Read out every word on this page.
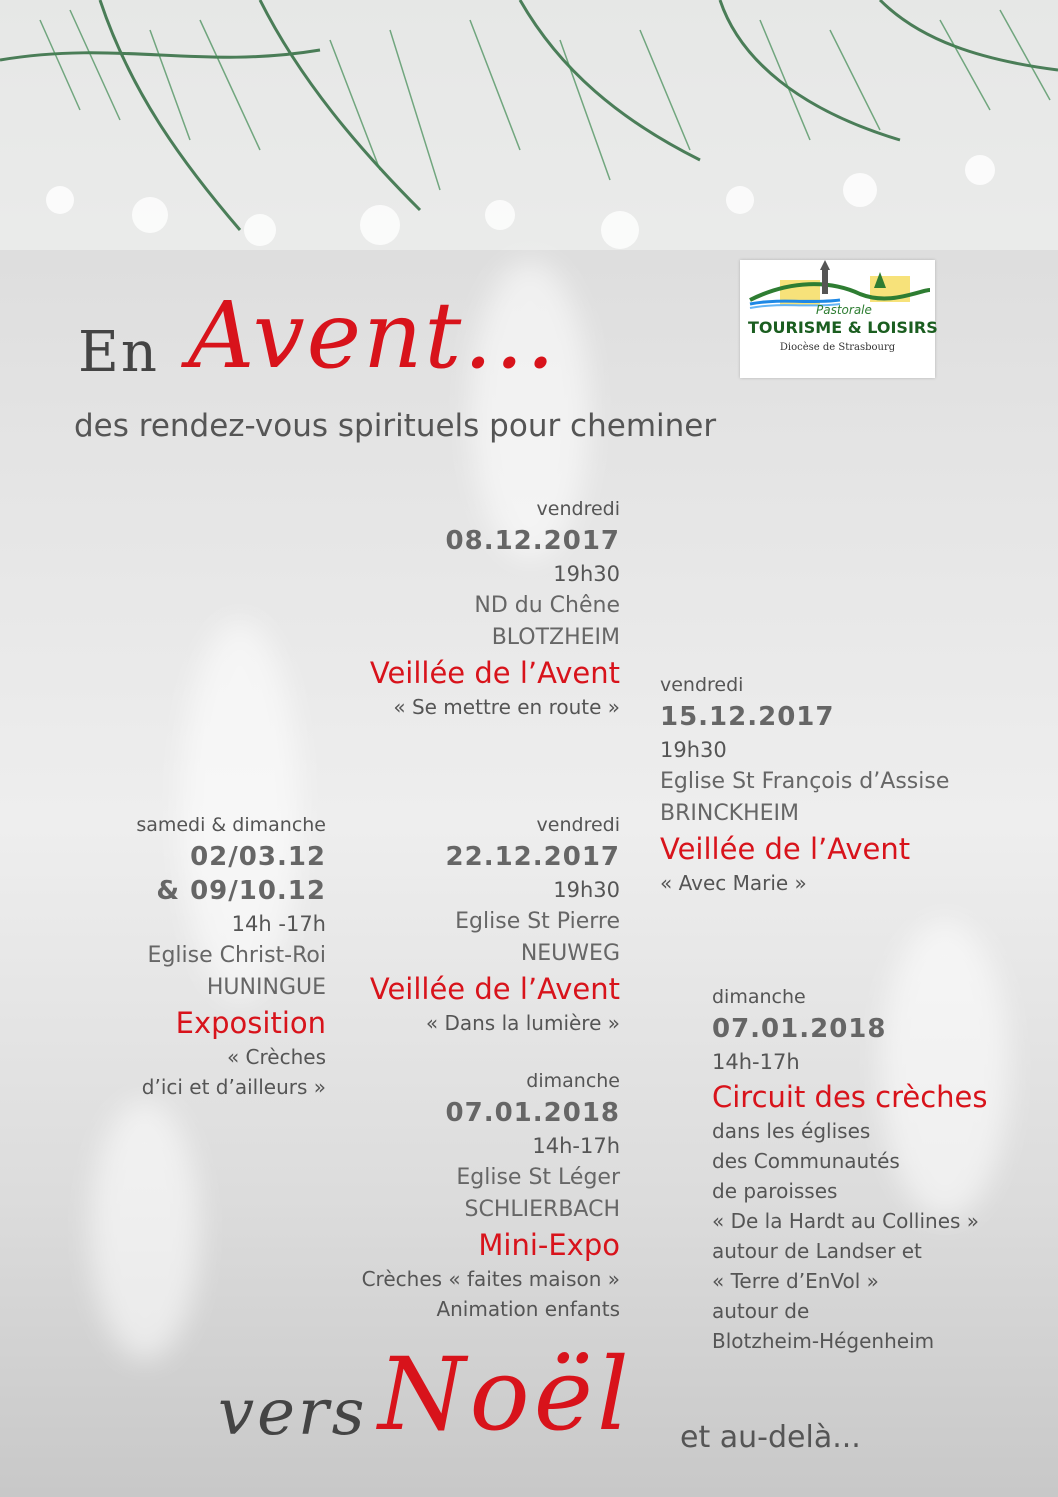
En Avent...
des rendez-vous spirituels pour cheminer
Pastorale
TOURISME & LOISIRS
Diocèse de Strasbourg
vendredi
08.12.2017
19h30
ND du Chêne
BLOTZHEIM
Veillée de l’Avent
« Se mettre en route »
vendredi
15.12.2017
19h30
Eglise St François d’Assise
BRINCKHEIM
Veillée de l’Avent
« Avec Marie »
samedi & dimanche
02/03.12
& 09/10.12
14h -17h
Eglise Christ-Roi
HUNINGUE
Exposition
« Crèches
d’ici et d’ailleurs »
vendredi
22.12.2017
19h30
Eglise St Pierre
NEUWEG
Veillée de l’Avent
« Dans la lumière »
dimanche
07.01.2018
14h-17h
Eglise St Léger
SCHLIERBACH
Mini-Expo
Crèches « faites maison »
Animation enfants
dimanche
07.01.2018
14h-17h
Circuit des crèches
dans les églises
des Communautés
de paroisses
« De la Hardt au Collines »
autour de Landser et
« Terre d’EnVol »
autour de
Blotzheim-Hégenheim
vers Noël et au-delà...
